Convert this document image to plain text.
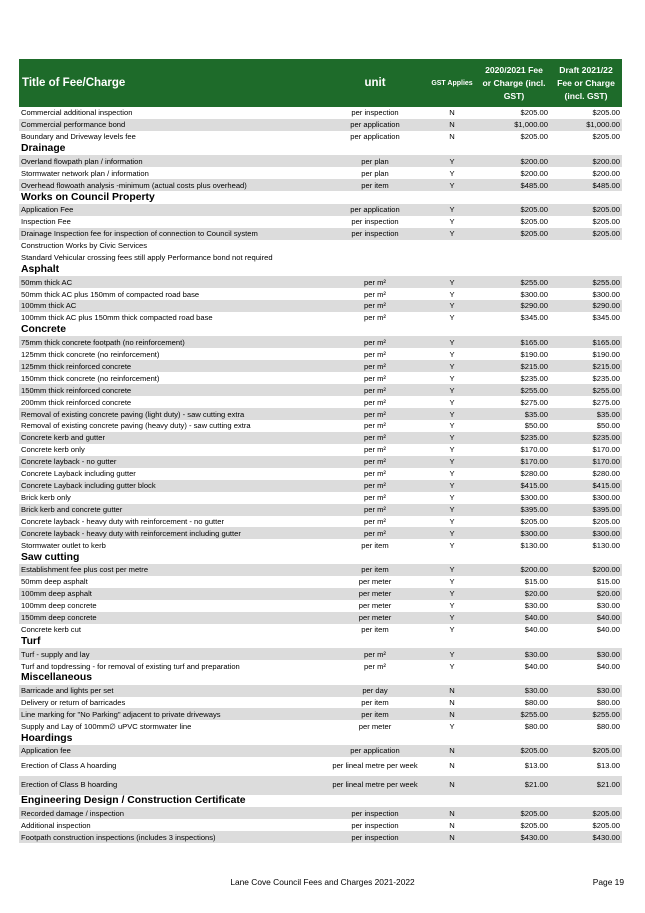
Title of Fee/Charge	unit	GST Applies	2020/2021 Fee or Charge (incl. GST)	Draft 2021/22 Fee or Charge (incl. GST)
Commercial additional inspection	per inspection	N	$205.00	$205.00
Commercial performance bond	per application	N	$1,000.00	$1,000.00
Boundary and Driveway levels fee	per application	N	$205.00	$205.00
Drainage				
Overland flowpath plan / information	per plan	Y	$200.00	$200.00
Stormwater network plan / information	per plan	Y	$200.00	$200.00
Overhead flowoath analysis -minimum (actual costs plus overhead)	per item	Y	$485.00	$485.00
Works on Council Property				
Application Fee	per application	Y	$205.00	$205.00
Inspection Fee	per inspection	Y	$205.00	$205.00
Drainage Inspection fee for inspection of connection to Council system	per inspection	Y	$205.00	$205.00
Construction Works by Civic Services				
Standard Vehicular crossing fees still apply Performance bond not required				
Asphalt				
50mm thick AC	per m²	Y	$255.00	$255.00
50mm thick AC plus 150mm of compacted road base	per m²	Y	$300.00	$300.00
100mm thick AC	per m²	Y	$290.00	$290.00
100mm thick AC plus 150mm thick compacted road base	per m²	Y	$345.00	$345.00
Concrete				
75mm thick concrete footpath (no reinforcement)	per m²	Y	$165.00	$165.00
125mm thick concrete (no reinforcement)	per m²	Y	$190.00	$190.00
125mm thick reinforced concrete	per m²	Y	$215.00	$215.00
150mm thick concrete (no reinforcement)	per m²	Y	$235.00	$235.00
150mm thick reinforced concrete	per m²	Y	$255.00	$255.00
200mm thick reinforced concrete	per m²	Y	$275.00	$275.00
Removal of existing concrete paving (light duty) - saw cutting extra	per m²	Y	$35.00	$35.00
Removal of existing concrete paving (heavy duty) - saw cutting extra	per m²	Y	$50.00	$50.00
Concrete kerb and gutter	per m²	Y	$235.00	$235.00
Concrete kerb only	per m²	Y	$170.00	$170.00
Concrete layback - no gutter	per m²	Y	$170.00	$170.00
Concrete Layback including gutter	per m²	Y	$280.00	$280.00
Concrete Layback including gutter block	per m²	Y	$415.00	$415.00
Brick kerb only	per m²	Y	$300.00	$300.00
Brick kerb and concrete gutter	per m²	Y	$395.00	$395.00
Concrete layback - heavy duty with reinforcement - no gutter	per m²	Y	$205.00	$205.00
Concrete layback - heavy duty with reinforcement including gutter	per m²	Y	$300.00	$300.00
Stormwater outlet to kerb	per item	Y	$130.00	$130.00
Saw cutting				
Establishment fee plus cost per metre	per item	Y	$200.00	$200.00
50mm deep asphalt	per meter	Y	$15.00	$15.00
100mm deep asphalt	per meter	Y	$20.00	$20.00
100mm deep concrete	per meter	Y	$30.00	$30.00
150mm deep concrete	per meter	Y	$40.00	$40.00
Concrete kerb cut	per item	Y	$40.00	$40.00
Turf				
Turf - supply and lay	per m²	Y	$30.00	$30.00
Turf and topdressing - for removal of existing turf and preparation	per m²	Y	$40.00	$40.00
Miscellaneous				
Barricade and lights per set	per day	N	$30.00	$30.00
Delivery or return of barricades	per item	N	$80.00	$80.00
Line marking for "No Parking" adjacent to private driveways	per item	N	$255.00	$255.00
Supply and Lay of 100mm∅ uPVC stormwater line	per meter	Y	$80.00	$80.00
Hoardings				
Application fee	per application	N	$205.00	$205.00
Erection of Class A hoarding	per lineal metre per week	N	$13.00	$13.00
Erection of Class B hoarding	per lineal metre per week	N	$21.00	$21.00
Engineering Design / Construction Certificate				
Recorded damage / inspection	per inspection	N	$205.00	$205.00
Additional inspection	per inspection	N	$205.00	$205.00
Footpath construction inspections (includes 3 inspections)	per inspection	N	$430.00	$430.00
Lane Cove Council Fees and Charges 2021-2022	Page 19
